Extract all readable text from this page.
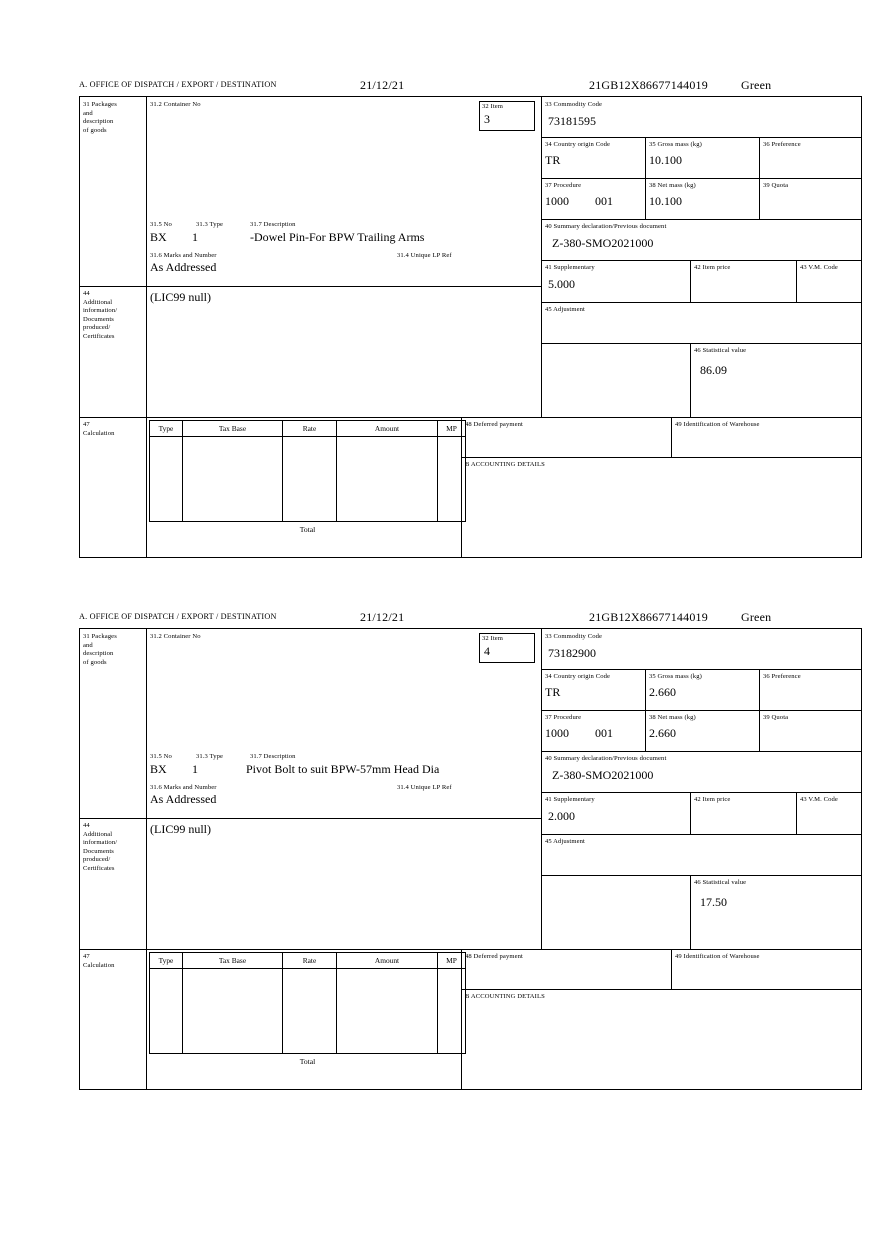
A. OFFICE OF DISPATCH / EXPORT / DESTINATION	21/12/21	21GB12X86677144019	Green
31 Packages
and
description
of goods
31.2 Container No	32 Item
3
31.5 No	31.3 Type	31.7 Description
BX 1	-Dowel Pin-For BPW Trailing Arms
31.6 Marks and Number	31.4 Unique LP Ref
As Addressed
33 Commodity Code
73181595
34 Country origin Code
TR
35 Gross mass (kg)
10.100
36 Preference
37 Procedure
1000 001
38 Net mass (kg)
10.100
39 Quota
40 Summary declaration/Previous document
Z-380-SMO2021000
41 Supplementary
5.000
42 Item price	43 V.M. Code
45 Adjustment
46 Statistical value
86.09
44
Additional
information/
Documents
produced/
Certificates
(LIC99 null)
47
Calculation
Type	Tax Base	Rate	Amount	MP

Total				
48 Deferred payment	49 Identification of Warehouse
B ACCOUNTING DETAILS
A. OFFICE OF DISPATCH / EXPORT / DESTINATION	21/12/21	21GB12X86677144019	Green
31 Packages
and
description
of goods
31.2 Container No	32 Item
4
31.5 No	31.3 Type	31.7 Description
BX 1	Pivot Bolt to suit BPW-57mm Head Dia
31.6 Marks and Number	31.4 Unique LP Ref
As Addressed
33 Commodity Code
73182900
34 Country origin Code
TR
35 Gross mass (kg)
2.660
36 Preference
37 Procedure
1000 001
38 Net mass (kg)
2.660
39 Quota
40 Summary declaration/Previous document
Z-380-SMO2021000
41 Supplementary
2.000
42 Item price	43 V.M. Code
45 Adjustment
46 Statistical value
17.50
44
Additional
information/
Documents
produced/
Certificates
(LIC99 null)
47
Calculation
Type	Tax Base	Rate	Amount	MP

Total				
48 Deferred payment	49 Identification of Warehouse
B ACCOUNTING DETAILS
